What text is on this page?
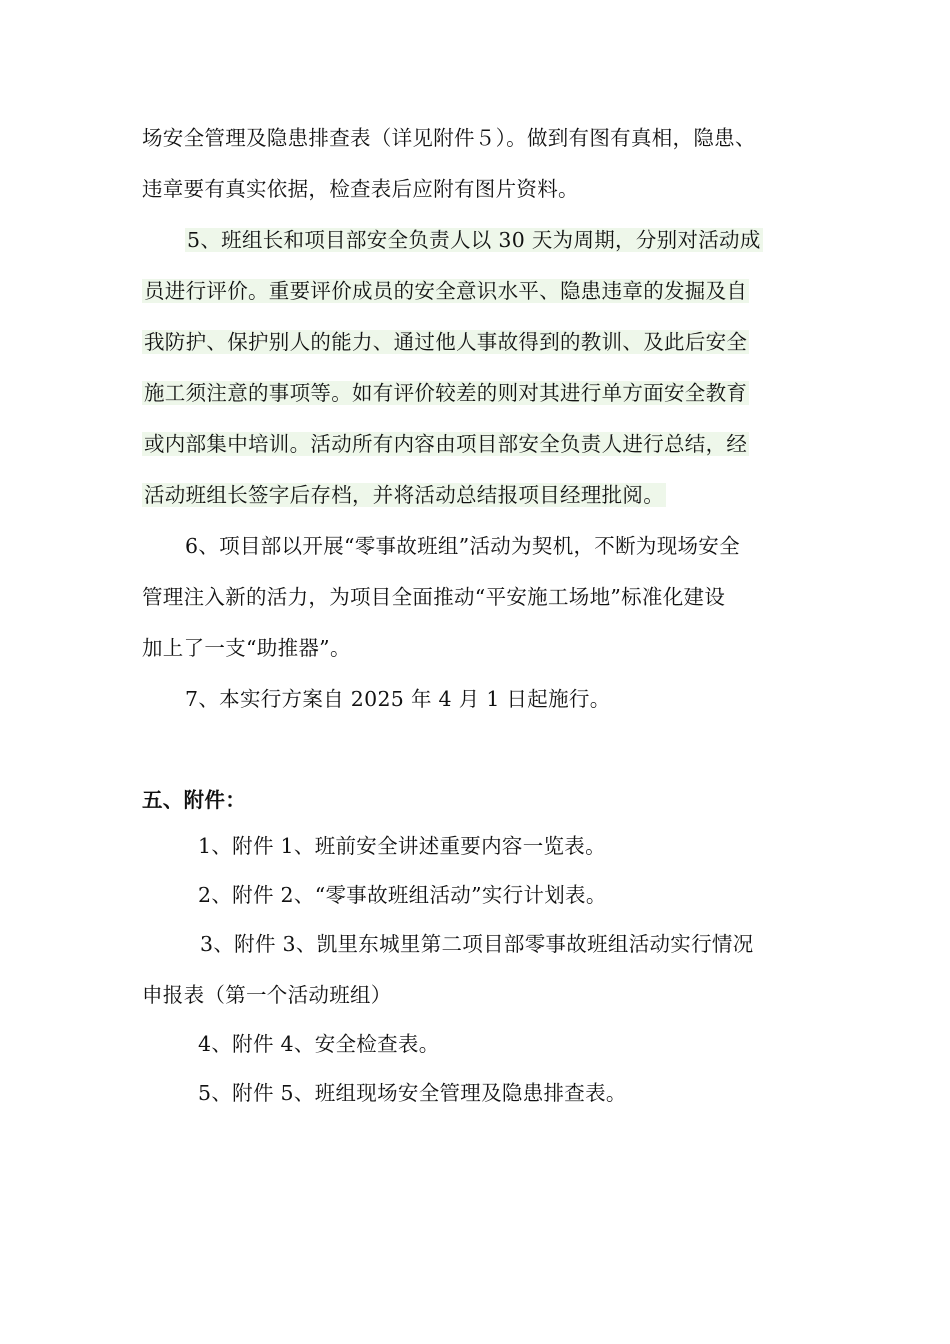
场安全管理及隐患排查表（详见附件５）。做到有图有真相，隐患、
违章要有真实依据，检查表后应附有图片资料。
5、班组长和项目部安全负责人以 30 天为周期，分别对活动成
员进行评价。重要评价成员的安全意识水平、隐患违章的发掘及自
我防护、保护别人的能力、通过他人事故得到的教训、及此后安全
施工须注意的事项等。如有评价较差的则对其进行单方面安全教育
或内部集中培训。活动所有内容由项目部安全负责人进行总结，经
活动班组长签字后存档，并将活动总结报项目经理批阅。
6、项目部以开展“零事故班组”活动为契机，不断为现场安全
管理注入新的活力，为项目全面推动“平安施工场地”标准化建设
加上了一支“助推器”。
7、本实行方案自 2025 年 4 月 1 日起施行。
五、附件：
1、附件 1、班前安全讲述重要内容一览表。
2、附件 2、“零事故班组活动”实行计划表。
3、附件 3、凯里东城里第二项目部零事故班组活动实行情况
申报表（第一个活动班组）
4、附件 4、安全检查表。
5、附件 5、班组现场安全管理及隐患排查表。
